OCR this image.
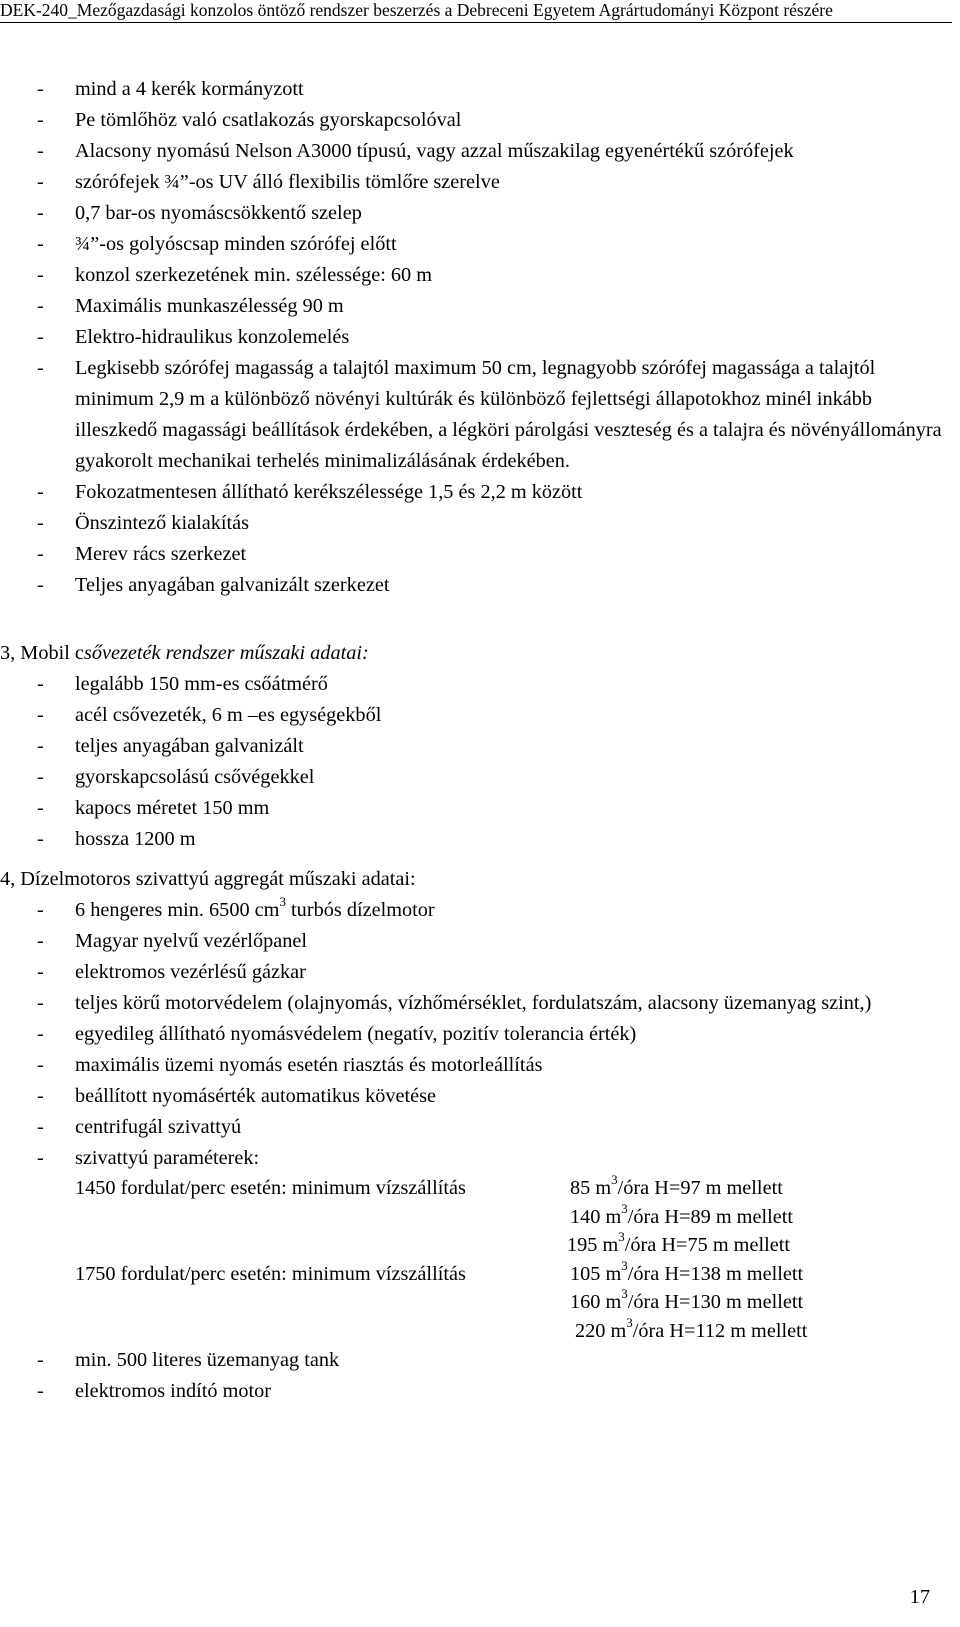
DEK-240_Mezőgazdasági konzolos öntöző rendszer beszerzés a Debreceni Egyetem Agrártudományi Központ részére
- mind a 4 kerék kormányzott
- Pe tömlőhöz való csatlakozás gyorskapcsolóval
- Alacsony nyomású Nelson A3000 típusú, vagy azzal műszakilag egyenértékű szórófejek
- szórófejek ¾”-os UV álló flexibilis tömlőre szerelve
- 0,7 bar-os nyomáscsökkentő szelep
- ¾”-os golyóscsap minden szórófej előtt
- konzol szerkezetének min. szélessége: 60 m
- Maximális munkaszélesség 90 m
- Elektro-hidraulikus konzolemelés
- Legkisebb szórófej magasság a talajtól maximum 50 cm, legnagyobb szórófej magassága a talajtól minimum 2,9 m a különböző növényi kultúrák és különböző fejlettségi állapotokhoz minél inkább illeszkedő magassági beállítások érdekében, a légköri párolgási veszteség és a talajra és növényállományra gyakorolt mechanikai terhelés minimalizálásának érdekében.
- Fokozatmentesen állítható kerékszélessége 1,5 és 2,2 m között
- Önszintező kialakítás
- Merev rács szerkezet
- Teljes anyagában galvanizált szerkezet

3, Mobil csővezeték rendszer műszaki adatai:

- legalább 150 mm-es csőátmérő
- acél csővezeték, 6 m –es egységekből
- teljes anyagában galvanizált
- gyorskapcsolású csővégekkel
- kapocs méretet 150 mm
- hossza 1200 m

4, Dízelmotoros szivattyú aggregát műszaki adatai:

- 6 hengeres min. 6500 $cm^3$ turbós dízelmotor
- Magyar nyelvű vezérlőpanel
- elektromos vezérlésű gázkar
- teljes körű motorvédelem (olajnyomás, vízhőmérséklet, fordulatszám, alacsony üzemanyag szint,)
- egyedileg állítható nyomásvédelem (negatív, pozitív tolerancia érték)
- maximális üzemi nyomás esetén riasztás és motorleállítás
- beállított nyomásérték automatikus követése
- centrifugál szivattyú
- szivattyú paraméterek:
1450 fordulat/perc esetén: minimum vízszállítás	85 $m^3$/óra H=97 m mellett
140 $m^3$/óra H=89 m mellett
195 $m^3$/óra H=75 m mellett
1750 fordulat/perc esetén: minimum vízszállítás	105 $m^3$/óra H=138 m mellett
160 $m^3$/óra H=130 m mellett
220 $m^3$/óra H=112 m mellett
- min. 500 literes üzemanyag tank
- elektromos indító motor
17
